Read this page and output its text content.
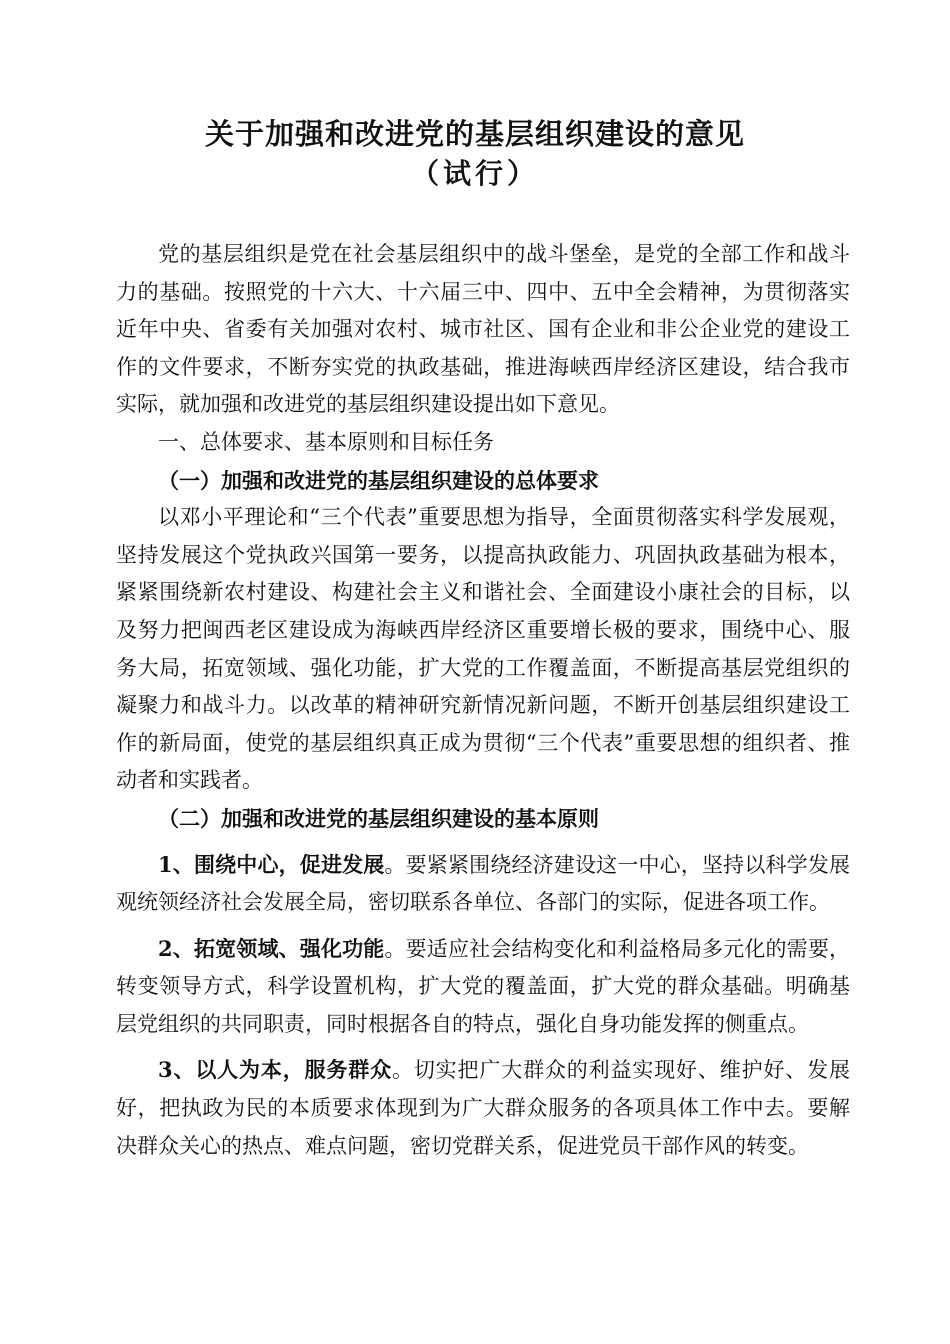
关于加强和改进党的基层组织建设的意见
（试行）

党的基层组织是党在社会基层组织中的战斗堡垒，是党的全部工作和战斗力的基础。按照党的十六大、十六届三中、四中、五中全会精神，为贯彻落实近年中央、省委有关加强对农村、城市社区、国有企业和非公企业党的建设工作的文件要求，不断夯实党的执政基础，推进海峡西岸经济区建设，结合我市实际，就加强和改进党的基层组织建设提出如下意见。

一、总体要求、基本原则和目标任务

（一）加强和改进党的基层组织建设的总体要求

以邓小平理论和“三个代表”重要思想为指导，全面贯彻落实科学发展观，坚持发展这个党执政兴国第一要务，以提高执政能力、巩固执政基础为根本，紧紧围绕新农村建设、构建社会主义和谐社会、全面建设小康社会的目标，以及努力把闽西老区建设成为海峡西岸经济区重要增长极的要求，围绕中心、服务大局，拓宽领域、强化功能，扩大党的工作覆盖面，不断提高基层党组织的凝聚力和战斗力。以改革的精神研究新情况新问题，不断开创基层组织建设工作的新局面，使党的基层组织真正成为贯彻“三个代表”重要思想的组织者、推动者和实践者。

（二）加强和改进党的基层组织建设的基本原则

1、围绕中心，促进发展。要紧紧围绕经济建设这一中心，坚持以科学发展观统领经济社会发展全局，密切联系各单位、各部门的实际，促进各项工作。

2、拓宽领域、强化功能。要适应社会结构变化和利益格局多元化的需要，转变领导方式，科学设置机构，扩大党的覆盖面，扩大党的群众基础。明确基层党组织的共同职责，同时根据各自的特点，强化自身功能发挥的侧重点。

3、以人为本，服务群众。切实把广大群众的利益实现好、维护好、发展好，把执政为民的本质要求体现到为广大群众服务的各项具体工作中去。要解决群众关心的热点、难点问题，密切党群关系，促进党员干部作风的转变。
